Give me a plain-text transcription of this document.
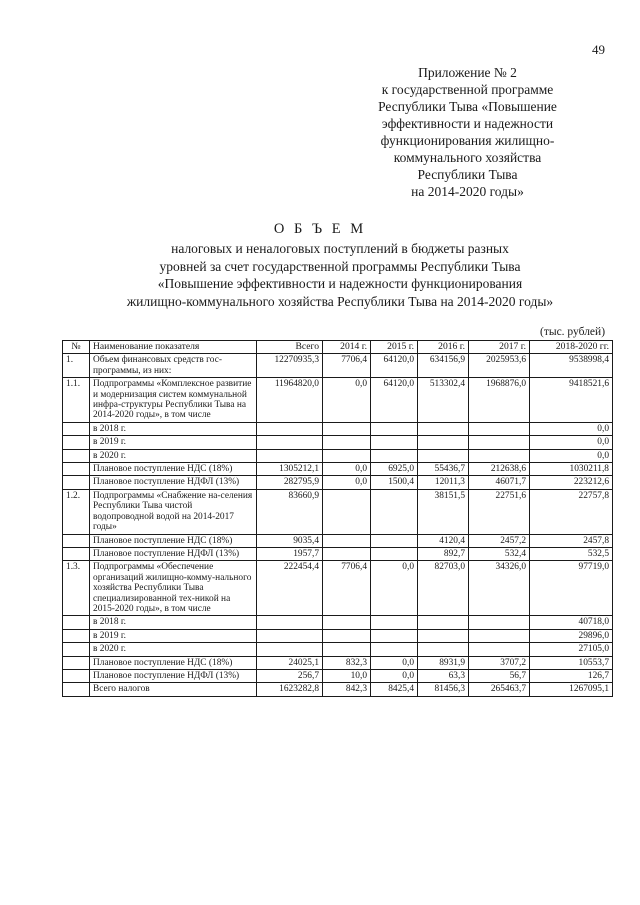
49
Приложение № 2
к государственной программе
Республики Тыва «Повышение
эффективности и надежности
функционирования жилищно-
коммунального хозяйства
Республики Тыва
на 2014-2020 годы»
О Б Ъ Е М
налоговых и неналоговых поступлений в бюджеты разных
уровней за счет государственной программы Республики Тыва
«Повышение эффективности и надежности функционирования
жилищно-коммунального хозяйства Республики Тыва на 2014-2020 годы»
(тыс. рублей)
№	Наименование показателя	Всего	2014 г.	2015 г.	2016 г.	2017 г.	2018-2020 гг.
1.	Объем финансовых средств гос-программы, из них:	12270935,3	7706,4	64120,0	634156,9	2025953,6	9538998,4
1.1.	Подпрограммы «Комплексное развитие и модернизация систем коммунальной инфра-структуры Республики Тыва на 2014-2020 годы», в том числе	11964820,0	0,0	64120,0	513302,4	1968876,0	9418521,6
	в 2018 г.						0,0
	в 2019 г.						0,0
	в 2020 г.						0,0
	Плановое поступление НДС (18%)	1305212,1	0,0	6925,0	55436,7	212638,6	1030211,8
	Плановое поступление НДФЛ (13%)	282795,9	0,0	1500,4	12011,3	46071,7	223212,6
1.2.	Подпрограммы «Снабжение на-селения Республики Тыва чистой водопроводной водой на 2014-2017 годы»	83660,9			38151,5	22751,6	22757,8
	Плановое поступление НДС (18%)	9035,4			4120,4	2457,2	2457,8
	Плановое поступление НДФЛ (13%)	1957,7			892,7	532,4	532,5
1.3.	Подпрограммы «Обеспечение организаций жилищно-комму-нального хозяйства Республики Тыва специализированной тех-никой на 2015-2020 годы», в том числе	222454,4	7706,4	0,0	82703,0	34326,0	97719,0
	в 2018 г.						40718,0
	в 2019 г.						29896,0
	в 2020 г.						27105,0
	Плановое поступление НДС (18%)	24025,1	832,3	0,0	8931,9	3707,2	10553,7
	Плановое поступление НДФЛ (13%)	256,7	10,0	0,0	63,3	56,7	126,7
	Всего налогов	1623282,8	842,3	8425,4	81456,3	265463,7	1267095,1
